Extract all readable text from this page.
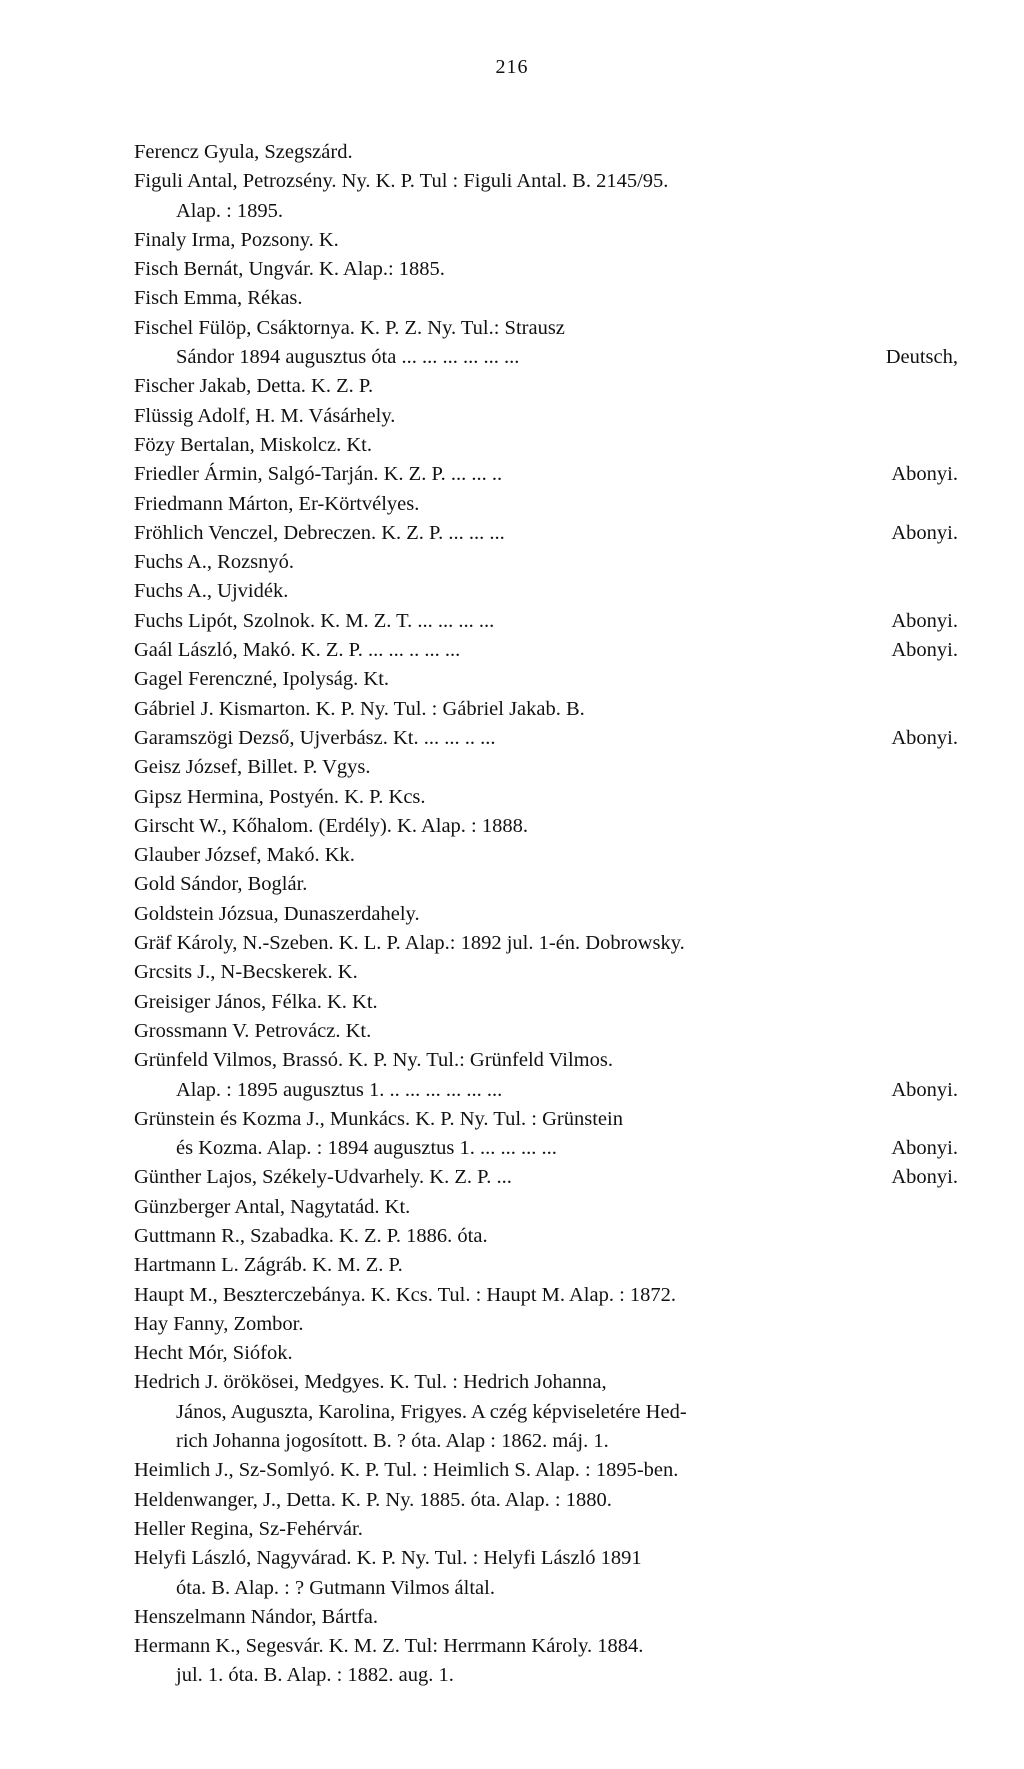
216
Ferencz Gyula, Szegszárd.
Figuli Antal, Petrozsény. Ny. K. P. Tul : Figuli Antal. B. 2145/95.
Alap. : 1895.
Finaly Irma, Pozsony. K.
Fisch Bernát, Ungvár. K. Alap.: 1885.
Fisch Emma, Rékas.
Fischel Fülöp, Csáktornya. K. P. Z. Ny. Tul.: Strausz
Sándor 1894 augusztus óta ... ... ... ... ... ...	Deutsch,
Fischer Jakab, Detta. K. Z. P.
Flüssig Adolf, H. M. Vásárhely.
Fözy Bertalan, Miskolcz. Kt.
Friedler Ármin, Salgó-Tarján. K. Z. P. ... ... ..	Abonyi.
Friedmann Márton, Er-Körtvélyes.
Fröhlich Venczel, Debreczen. K. Z. P. ... ... ...	Abonyi.
Fuchs A., Rozsnyó.
Fuchs A., Ujvidék.
Fuchs Lipót, Szolnok. K. M. Z. T. ... ... ... ...	Abonyi.
Gaál László, Makó. K. Z. P. ... ... .. ... ...	Abonyi.
Gagel Ferenczné, Ipolyság. Kt.
Gábriel J. Kismarton. K. P. Ny. Tul. : Gábriel Jakab. B.
Garamszögi Dezső, Ujverbász. Kt. ... ... .. ...	Abonyi.
Geisz József, Billet. P. Vgys.
Gipsz Hermina, Postyén. K. P. Kcs.
Girscht W., Kőhalom. (Erdély). K. Alap. : 1888.
Glauber József, Makó. Kk.
Gold Sándor, Boglár.
Goldstein Józsua, Dunaszerdahely.
Gräf Károly, N.-Szeben. K. L. P. Alap.: 1892 jul. 1-én. Dobrowsky.
Grcsits J., N-Becskerek. K.
Greisiger János, Félka. K. Kt.
Grossmann V. Petrovácz. Kt.
Grünfeld Vilmos, Brassó. K. P. Ny. Tul.: Grünfeld Vilmos.
Alap. : 1895 augusztus 1. .. ... ... ... ... ...	Abonyi.
Grünstein és Kozma J., Munkács. K. P. Ny. Tul. : Grünstein
és Kozma. Alap. : 1894 augusztus 1. ... ... ... ...	Abonyi.
Günther Lajos, Székely-Udvarhely. K. Z. P. ...	Abonyi.
Günzberger Antal, Nagytatád. Kt.
Guttmann R., Szabadka. K. Z. P. 1886. óta.
Hartmann L. Zágráb. K. M. Z. P.
Haupt M., Beszterczebánya. K. Kcs. Tul. : Haupt M. Alap. : 1872.
Hay Fanny, Zombor.
Hecht Mór, Siófok.
Hedrich J. örökösei, Medgyes. K. Tul. : Hedrich Johanna,
János, Auguszta, Karolina, Frigyes. A czég képviseletére Hed-
rich Johanna jogosított. B. ? óta. Alap : 1862. máj. 1.
Heimlich J., Sz-Somlyó. K. P. Tul. : Heimlich S. Alap. : 1895-ben.
Heldenwanger, J., Detta. K. P. Ny. 1885. óta. Alap. : 1880.
Heller Regina, Sz-Fehérvár.
Helyfi László, Nagyvárad. K. P. Ny. Tul. : Helyfi László 1891
óta. B. Alap. : ? Gutmann Vilmos által.
Henszelmann Nándor, Bártfa.
Hermann K., Segesvár. K. M. Z. Tul: Herrmann Károly. 1884.
jul. 1. óta. B. Alap. : 1882. aug. 1.
